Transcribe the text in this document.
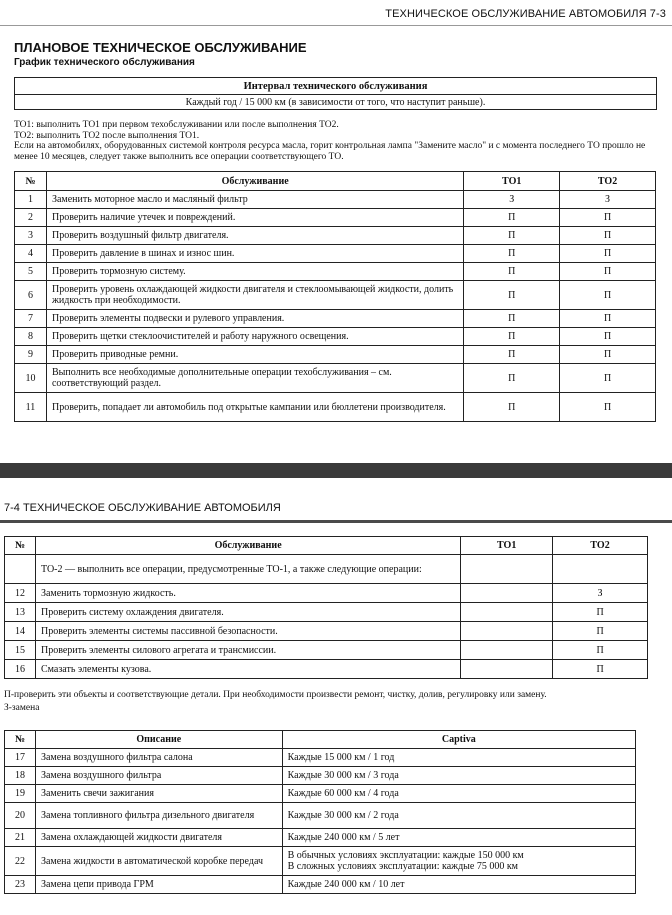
ТЕХНИЧЕСКОЕ ОБСЛУЖИВАНИЕ АВТОМОБИЛЯ 7-3
ПЛАНОВОЕ ТЕХНИЧЕСКОЕ ОБСЛУЖИВАНИЕ
График технического обслуживания
Интервал технического обслуживания
Каждый год / 15 000 км (в зависимости от того, что наступит раньше).
ТО1: выполнить ТО1 при первом техобслуживании или после выполнения ТО2.
ТО2: выполнить ТО2 после выполнения ТО1.
Если на автомобилях, оборудованных системой контроля ресурса масла, горит контрольная лампа "Замените масло" и с момента последнего ТО прошло не менее 10 месяцев, следует также выполнить все операции соответствующего ТО.
№	Обслуживание	ТО1	ТО2
1	Заменить моторное масло и масляный фильтр	З	З
2	Проверить наличие утечек и повреждений.	П	П
3	Проверить воздушный фильтр двигателя.	П	П
4	Проверить давление в шинах и износ шин.	П	П
5	Проверить тормозную систему.	П	П
6	Проверить уровень охлаждающей жидкости двигателя и стеклоомывающей жидкости, долить жидкость при необходимости.	П	П
7	Проверить элементы подвески и рулевого управления.	П	П
8	Проверить щетки стеклоочистителей и работу наружного освещения.	П	П
9	Проверить приводные ремни.	П	П
10	Выполнить все необходимые дополнительные операции техобслуживания – см. соответствующий раздел.	П	П
11	Проверить, попадает ли автомобиль под открытые кампании или бюллетени производителя.	П	П
7-4 ТЕХНИЧЕСКОЕ ОБСЛУЖИВАНИЕ АВТОМОБИЛЯ
№	Обслуживание	ТО1	ТО2
	ТО-2 — выполнить все операции, предусмотренные ТО-1, а также следующие операции:		
12	Заменить тормозную жидкость.		З
13	Проверить систему охлаждения двигателя.		П
14	Проверить элементы системы пассивной безопасности.		П
15	Проверить элементы силового агрегата и трансмиссии.		П
16	Смазать элементы кузова.		П
П-проверить эти объекты и соответствующие детали. При необходимости произвести ремонт, чистку, долив, регулировку или замену.
З-замена
№	Описание	Captiva
17	Замена воздушного фильтра салона	Каждые 15 000 км / 1 год

18	Замена воздушного фильтра	Каждые 30 000 км / 3 года

19	Заменить свечи зажигания	Каждые 60 000 км / 4 года

20	Замена топливного фильтра дизельного двигателя	Каждые 30 000 км / 2 года

21	Замена охлаждающей жидкости двигателя	Каждые 240 000 км / 5 лет

22	Замена жидкости в автоматической коробке передач	В обычных условиях эксплуатации: каждые 150 000 км
В сложных условиях эксплуатации: каждые 75 000 км

23	Замена цепи привода ГРМ	Каждые 240 000 км / 10 лет
